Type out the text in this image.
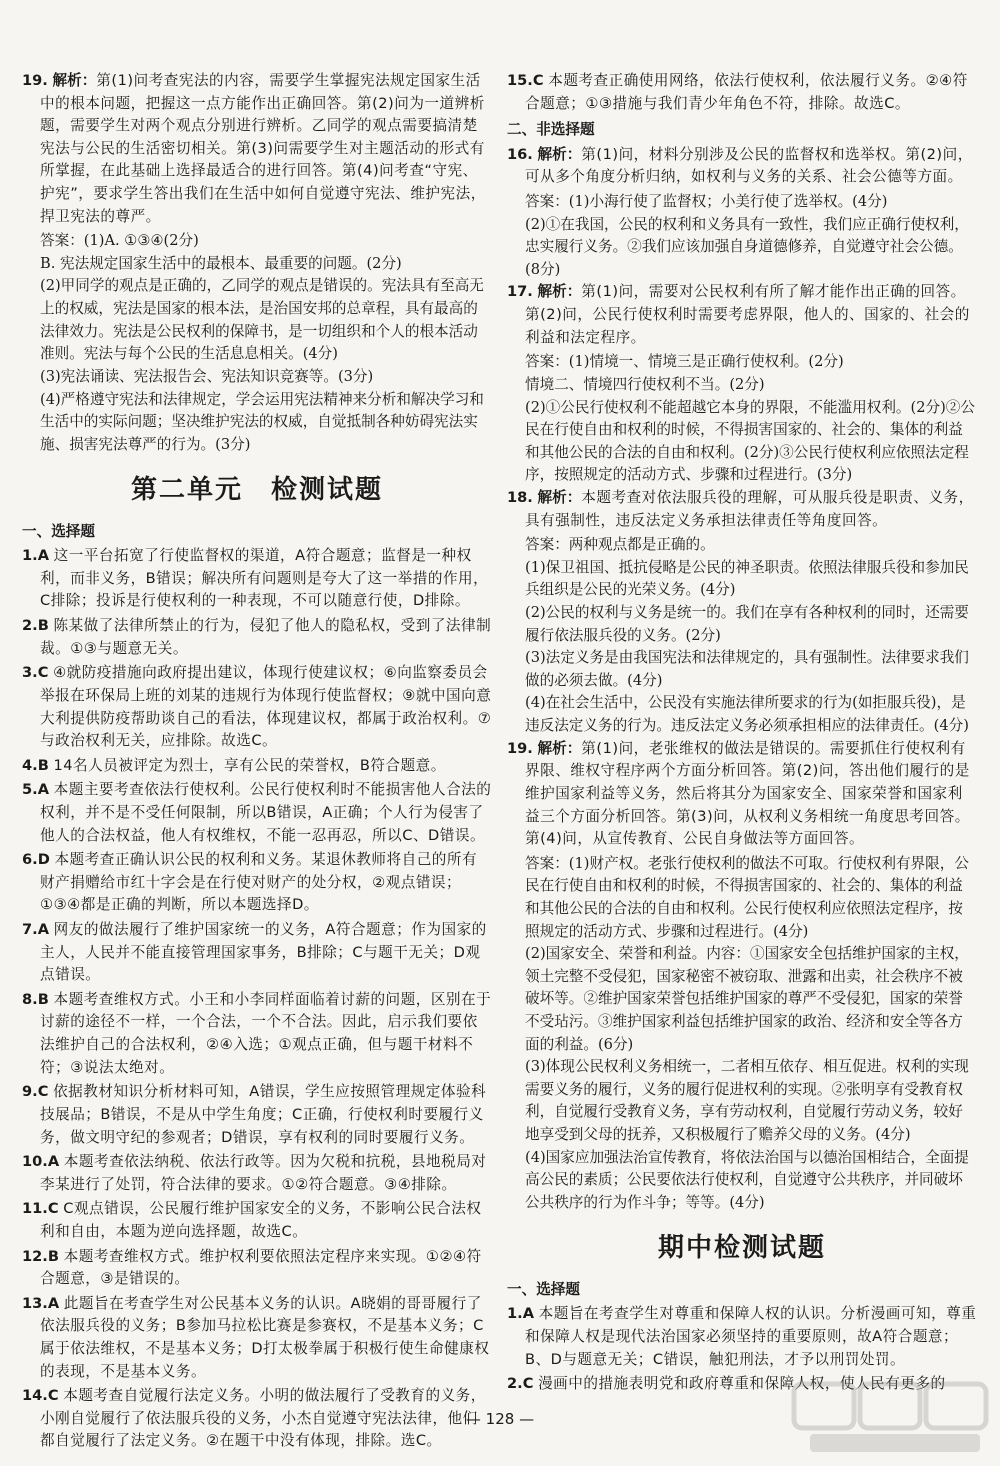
19. 解析：第(1)问考查宪法的内容，需要学生掌握宪法规定国家生活中的根本问题，把握这一点方能作出正确回答。第(2)问为一道辨析题，需要学生对两个观点分别进行辨析。乙同学的观点需要搞清楚宪法与公民的生活密切相关。第(3)问需要学生对主题活动的形式有所掌握，在此基础上选择最适合的进行回答。第(4)问考查“守宪、护宪”，要求学生答出我们在生活中如何自觉遵守宪法、维护宪法，捍卫宪法的尊严。

答案：(1)A. ①③④(2分)

B. 宪法规定国家生活中的最根本、最重要的问题。(2分)

(2)甲同学的观点是正确的，乙同学的观点是错误的。宪法具有至高无上的权威，宪法是国家的根本法，是治国安邦的总章程，具有最高的法律效力。宪法是公民权利的保障书，是一切组织和个人的根本活动准则。宪法与每个公民的生活息息相关。(4分)

(3)宪法诵读、宪法报告会、宪法知识竞赛等。(3分)

(4)严格遵守宪法和法律规定，学会运用宪法精神来分析和解决学习和生活中的实际问题；坚决维护宪法的权威，自觉抵制各种妨碍宪法实施、损害宪法尊严的行为。(3分)

第二单元　检测试题
一、选择题

1.A 这一平台拓宽了行使监督权的渠道，A符合题意；监督是一种权利，而非义务，B错误；解决所有问题则是夸大了这一举措的作用，C排除；投诉是行使权利的一种表现，不可以随意行使，D排除。

2.B 陈某做了法律所禁止的行为，侵犯了他人的隐私权，受到了法律制裁。①③与题意无关。

3.C ④就防疫措施向政府提出建议，体现行使建议权；⑥向监察委员会举报在环保局上班的刘某的违规行为体现行使监督权；⑨就中国向意大利提供防疫帮助谈自己的看法，体现建议权，都属于政治权利。⑦与政治权利无关，应排除。故选C。

4.B 14名人员被评定为烈士，享有公民的荣誉权，B符合题意。

5.A 本题主要考查依法行使权利。公民行使权利时不能损害他人合法的权利，并不是不受任何限制，所以B错误，A正确；个人行为侵害了他人的合法权益，他人有权维权，不能一忍再忍，所以C、D错误。

6.D 本题考查正确认识公民的权利和义务。某退休教师将自己的所有财产捐赠给市红十字会是在行使对财产的处分权，②观点错误；①③④都是正确的判断，所以本题选择D。

7.A 网友的做法履行了维护国家统一的义务，A符合题意；作为国家的主人，人民并不能直接管理国家事务，B排除；C与题干无关；D观点错误。

8.B 本题考查维权方式。小王和小李同样面临着讨薪的问题，区别在于讨薪的途径不一样，一个合法，一个不合法。因此，启示我们要依法维护自己的合法权利，②④入选；①观点正确，但与题干材料不符；③说法太绝对。

9.C 依据教材知识分析材料可知，A错误，学生应按照管理规定体验科技展品；B错误，不是从中学生角度；C正确，行使权利时要履行义务，做文明守纪的参观者；D错误，享有权利的同时要履行义务。

10.A 本题考查依法纳税、依法行政等。因为欠税和抗税，县地税局对李某进行了处罚，符合法律的要求。①②符合题意。③④排除。

11.C C观点错误，公民履行维护国家安全的义务，不影响公民合法权利和自由，本题为逆向选择题，故选C。

12.B 本题考查维权方式。维护权利要依照法定程序来实现。①②④符合题意，③是错误的。

13.A 此题旨在考查学生对公民基本义务的认识。A晓娟的哥哥履行了依法服兵役的义务；B参加马拉松比赛是参赛权，不是基本义务；C属于依法维权，不是基本义务；D打太极拳属于积极行使生命健康权的表现，不是基本义务。

14.C 本题考查自觉履行法定义务。小明的做法履行了受教育的义务，小刚自觉履行了依法服兵役的义务，小杰自觉遵守宪法法律，他们都自觉履行了法定义务。②在题干中没有体现，排除。选C。

15.C 本题考查正确使用网络，依法行使权利，依法履行义务。②④符合题意；①③措施与我们青少年角色不符，排除。故选C。

二、非选择题

16. 解析：第(1)问，材料分别涉及公民的监督权和选举权。第(2)问，可从多个角度分析归纳，如权利与义务的关系、社会公德等方面。

答案：(1)小海行使了监督权；小美行使了选举权。(4分)

(2)①在我国，公民的权利和义务具有一致性，我们应正确行使权利，忠实履行义务。②我们应该加强自身道德修养，自觉遵守社会公德。(8分)

17. 解析：第(1)问，需要对公民权利有所了解才能作出正确的回答。第(2)问，公民行使权利时需要考虑界限，他人的、国家的、社会的利益和法定程序。

答案：(1)情境一、情境三是正确行使权利。(2分)

情境二、情境四行使权利不当。(2分)

(2)①公民行使权利不能超越它本身的界限，不能滥用权利。(2分)②公民在行使自由和权利的时候，不得损害国家的、社会的、集体的利益和其他公民的合法的自由和权利。(2分)③公民行使权利应依照法定程序，按照规定的活动方式、步骤和过程进行。(3分)

18. 解析：本题考查对依法服兵役的理解，可从服兵役是职责、义务，具有强制性，违反法定义务承担法律责任等角度回答。

答案：两种观点都是正确的。

(1)保卫祖国、抵抗侵略是公民的神圣职责。依照法律服兵役和参加民兵组织是公民的光荣义务。(4分)

(2)公民的权利与义务是统一的。我们在享有各种权利的同时，还需要履行依法服兵役的义务。(2分)

(3)法定义务是由我国宪法和法律规定的，具有强制性。法律要求我们做的必须去做。(4分)

(4)在社会生活中，公民没有实施法律所要求的行为(如拒服兵役)，是违反法定义务的行为。违反法定义务必须承担相应的法律责任。(4分)

19. 解析：第(1)问，老张维权的做法是错误的。需要抓住行使权利有界限、维权守程序两个方面分析回答。第(2)问，答出他们履行的是维护国家利益等义务，然后将其分为国家安全、国家荣誉和国家利益三个方面分析回答。第(3)问，从权利义务相统一角度思考回答。第(4)问，从宣传教育、公民自身做法等方面回答。

答案：(1)财产权。老张行使权利的做法不可取。行使权利有界限，公民在行使自由和权利的时候，不得损害国家的、社会的、集体的利益和其他公民的合法的自由和权利。公民行使权利应依照法定程序，按照规定的活动方式、步骤和过程进行。(4分)

(2)国家安全、荣誉和利益。内容：①国家安全包括维护国家的主权，领土完整不受侵犯，国家秘密不被窃取、泄露和出卖，社会秩序不被破坏等。②维护国家荣誉包括维护国家的尊严不受侵犯，国家的荣誉不受玷污。③维护国家利益包括维护国家的政治、经济和安全等各方面的利益。(6分)

(3)体现公民权利义务相统一，二者相互依存、相互促进。权利的实现需要义务的履行，义务的履行促进权利的实现。②张明享有受教育权利，自觉履行受教育义务，享有劳动权利，自觉履行劳动义务，较好地享受到父母的抚养，又积极履行了赡养父母的义务。(4分)

(4)国家应加强法治宣传教育，将依法治国与以德治国相结合，全面提高公民的素质；公民要依法行使权利，自觉遵守公共秩序，并同破坏公共秩序的行为作斗争；等等。(4分)

期中检测试题
一、选择题

1.A 本题旨在考查学生对尊重和保障人权的认识。分析漫画可知，尊重和保障人权是现代法治国家必须坚持的重要原则，故A符合题意；B、D与题意无关；C错误，触犯刑法，才予以刑罚处罚。

2.C 漫画中的措施表明党和政府尊重和保障人权，使人民有更多的

— 128 —
